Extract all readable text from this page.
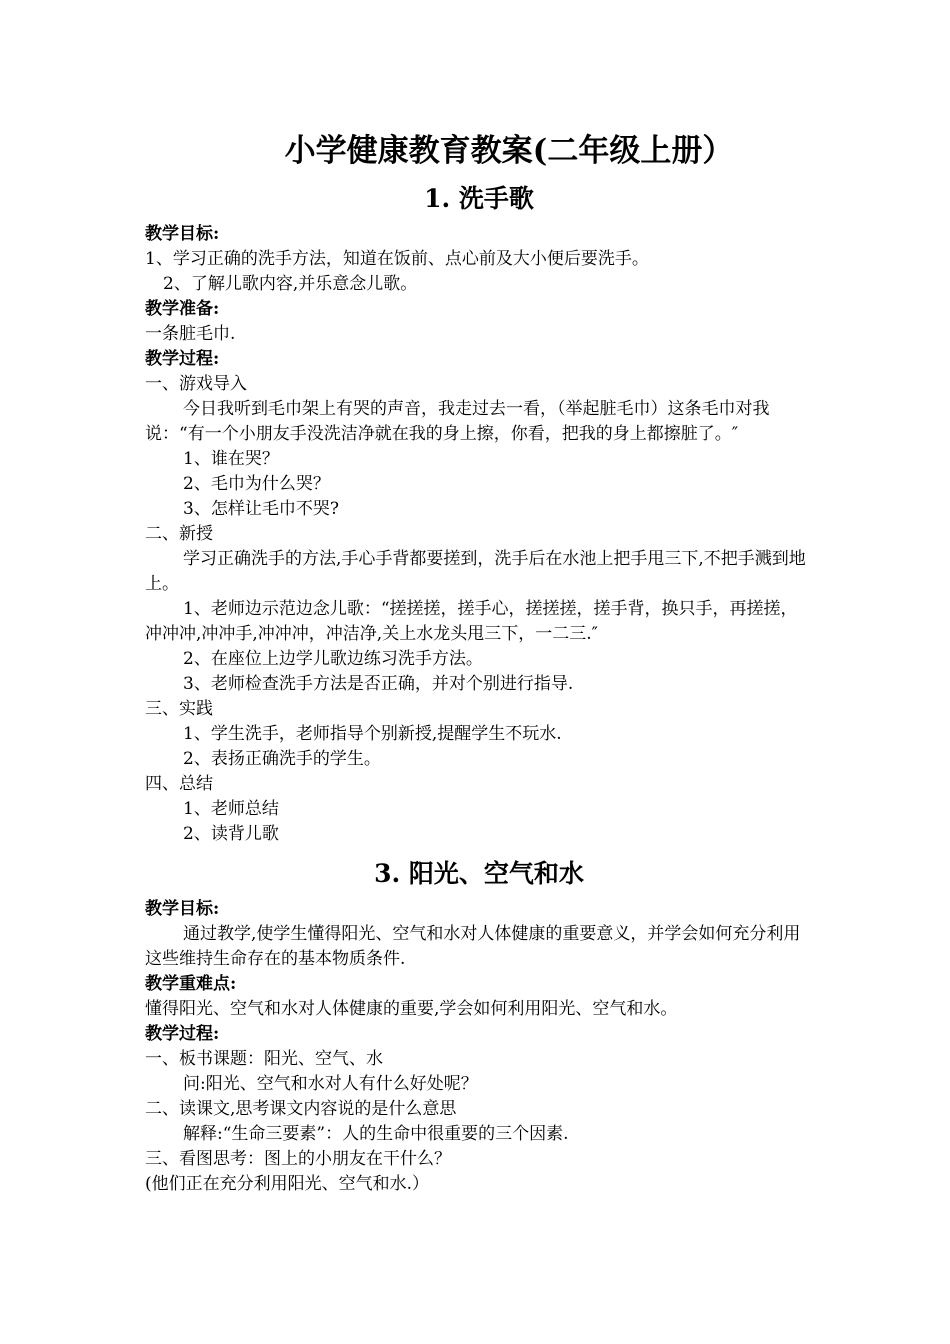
小学健康教育教案(二年级上册）
1. 洗手歌
教学目标:

1、学习正确的洗手方法，知道在饭前、点心前及大小便后要洗手。

2、了解儿歌内容,并乐意念儿歌。

教学准备:

一条脏毛巾.

教学过程:

一、游戏导入

今日我听到毛巾架上有哭的声音，我走过去一看，（举起脏毛巾）这条毛巾对我说：“有一个小朋友手没洗洁净就在我的身上擦，你看，把我的身上都擦脏了。″

1、谁在哭？

2、毛巾为什么哭？

3、怎样让毛巾不哭?

二、新授

学习正确洗手的方法,手心手背都要搓到，洗手后在水池上把手甩三下,不把手溅到地上。

1、老师边示范边念儿歌：“搓搓搓，搓手心，搓搓搓，搓手背，换只手，再搓搓，冲冲冲,冲冲手,冲冲冲，冲洁净,关上水龙头甩三下，一二三.″

2、在座位上边学儿歌边练习洗手方法。

3、老师检查洗手方法是否正确，并对个别进行指导.

三、实践

1、学生洗手，老师指导个别新授,提醒学生不玩水.

2、表扬正确洗手的学生。

四、总结

1、老师总结

2、读背儿歌

3. 阳光、空气和水
教学目标:

通过教学,使学生懂得阳光、空气和水对人体健康的重要意义，并学会如何充分利用这些维持生命存在的基本物质条件.

教学重难点:

懂得阳光、空气和水对人体健康的重要,学会如何利用阳光、空气和水。

教学过程:

一、板书课题：阳光、空气、水

问:阳光、空气和水对人有什么好处呢？

二、读课文,思考课文内容说的是什么意思

解释:“生命三要素”：人的生命中很重要的三个因素.

三、看图思考：图上的小朋友在干什么？

(他们正在充分利用阳光、空气和水.）
